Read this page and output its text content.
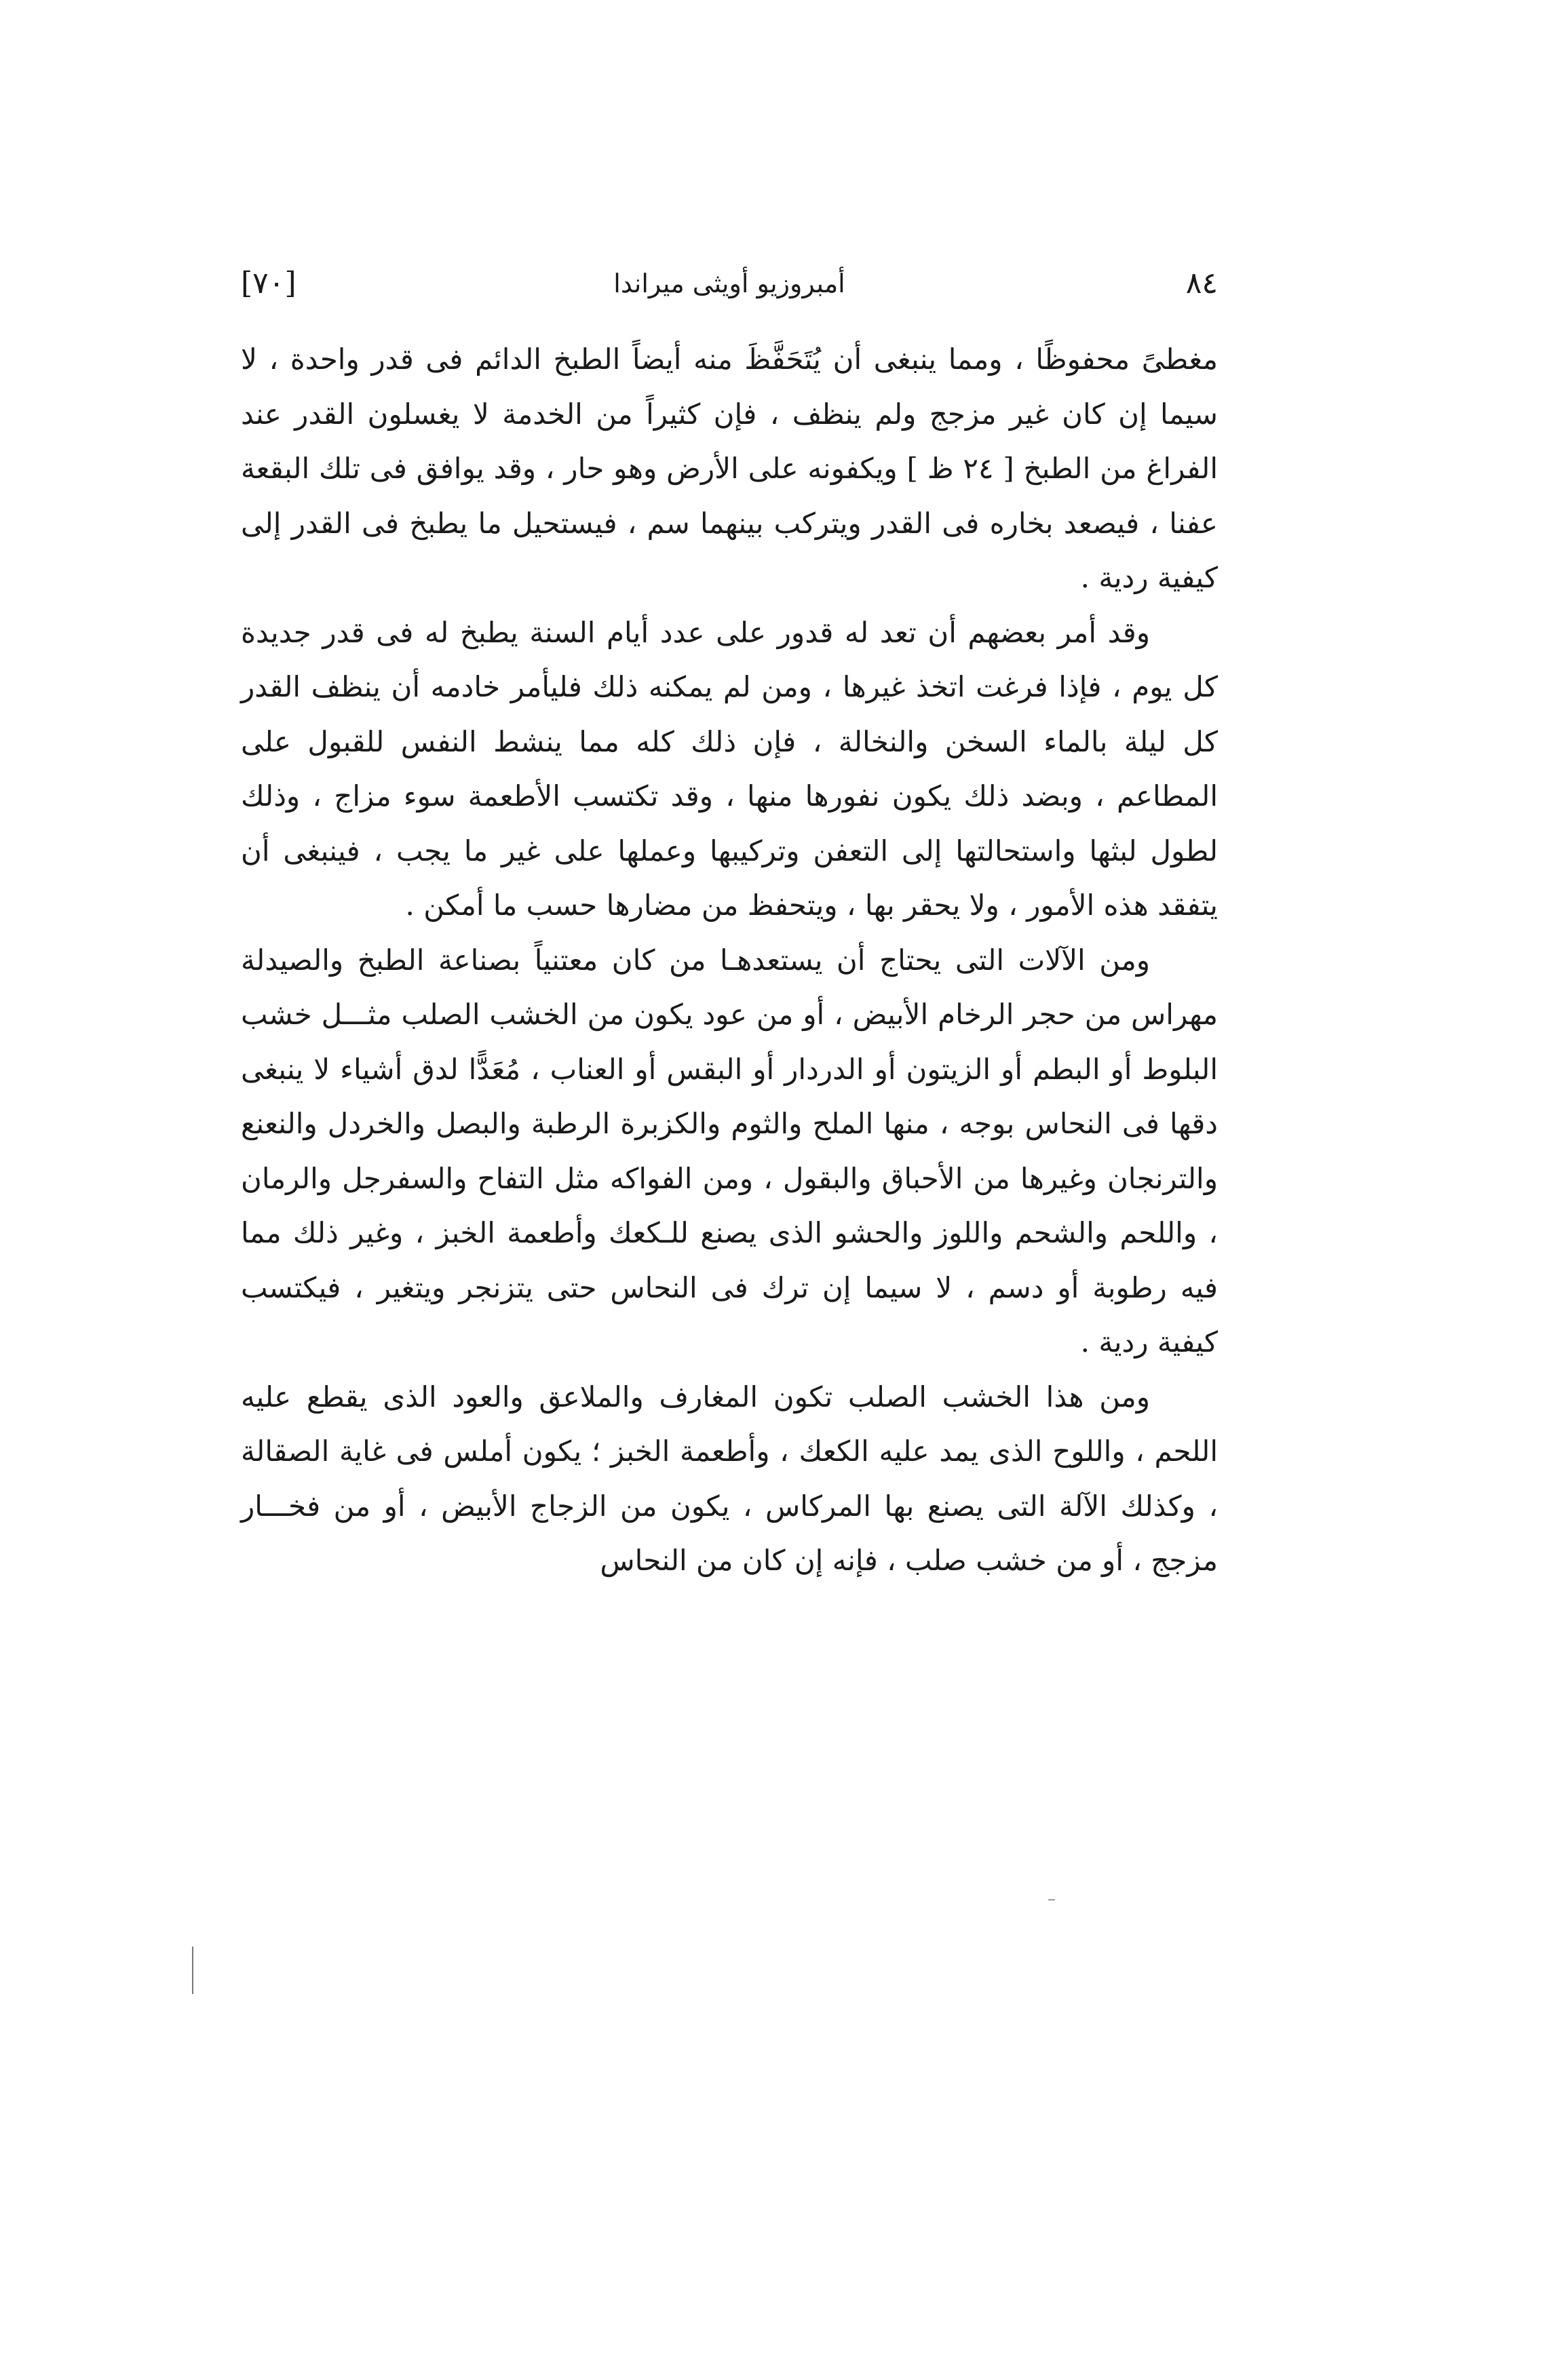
٨٤
أمبروزيو أويثى ميراندا
[٧٠]

مغطىً محفوظًا ، ومما ينبغى أن يُتَحَفَّظَ منه أيضاً الطبخ الدائم فى قدر واحدة ، لا سيما إن كان غير مزجج ولم ينظف ، فإن كثيراً من الخدمة لا يغسلون القدر عند الفراغ من الطبخ [ ٢٤ ظ ] ويكفونه على الأرض وهو حار ، وقد يوافق فى تلك البقعة عفنا ، فيصعد بخاره فى القدر ويتركب بينهما سم ، فيستحيل ما يطبخ فى القدر إلى كيفية ردية .

وقد أمر بعضهم أن تعد له قدور على عدد أيام السنة يطبخ له فى قدر جديدة كل يوم ، فإذا فرغت اتخذ غيرها ، ومن لم يمكنه ذلك فليأمر خادمه أن ينظف القدر كل ليلة بالماء السخن والنخالة ، فإن ذلك كله مما ينشط النفس للقبول على المطاعم ، وبضد ذلك يكون نفورها منها ، وقد تكتسب الأطعمة سوء مزاج ، وذلك لطول لبثها واستحالتها إلى التعفن وتركيبها وعملها على غير ما يجب ، فينبغى أن يتفقد هذه الأمور ، ولا يحقر بها ، ويتحفظ من مضارها حسب ما أمكن .

ومن الآلات التى يحتاج أن يستعدهـا من كان معتنياً بصناعة الطبخ والصيدلة مهراس من حجر الرخام الأبيض ، أو من عود يكون من الخشب الصلب مثـــل خشب البلوط أو البطم أو الزيتون أو الدردار أو البقس أو العناب ، مُعَدًّا لدق أشياء لا ينبغى دقها فى النحاس بوجه ، منها الملح والثوم والكزبرة الرطبة والبصل والخردل والنعنع والترنجان وغيرها من الأحباق والبقول ، ومن الفواكه مثل التفاح والسفرجل والرمان ، واللحم والشحم واللوز والحشو الذى يصنع للـكعك وأطعمة الخبز ، وغير ذلك مما فيه رطوبة أو دسم ، لا سيما إن ترك فى النحاس حتى يتزنجر ويتغير ، فيكتسب كيفية ردية .

ومن هذا الخشب الصلب تكون المغارف والملاعق والعود الذى يقطع عليه اللحم ، واللوح الذى يمد عليه الكعك ، وأطعمة الخبز ؛ يكون أملس فى غاية الصقالة ، وكذلك الآلة التى يصنع بها المركاس ، يكون من الزجاج الأبيض ، أو من فخـــار مزجج ، أو من خشب صلب ، فإنه إن كان من النحاس
